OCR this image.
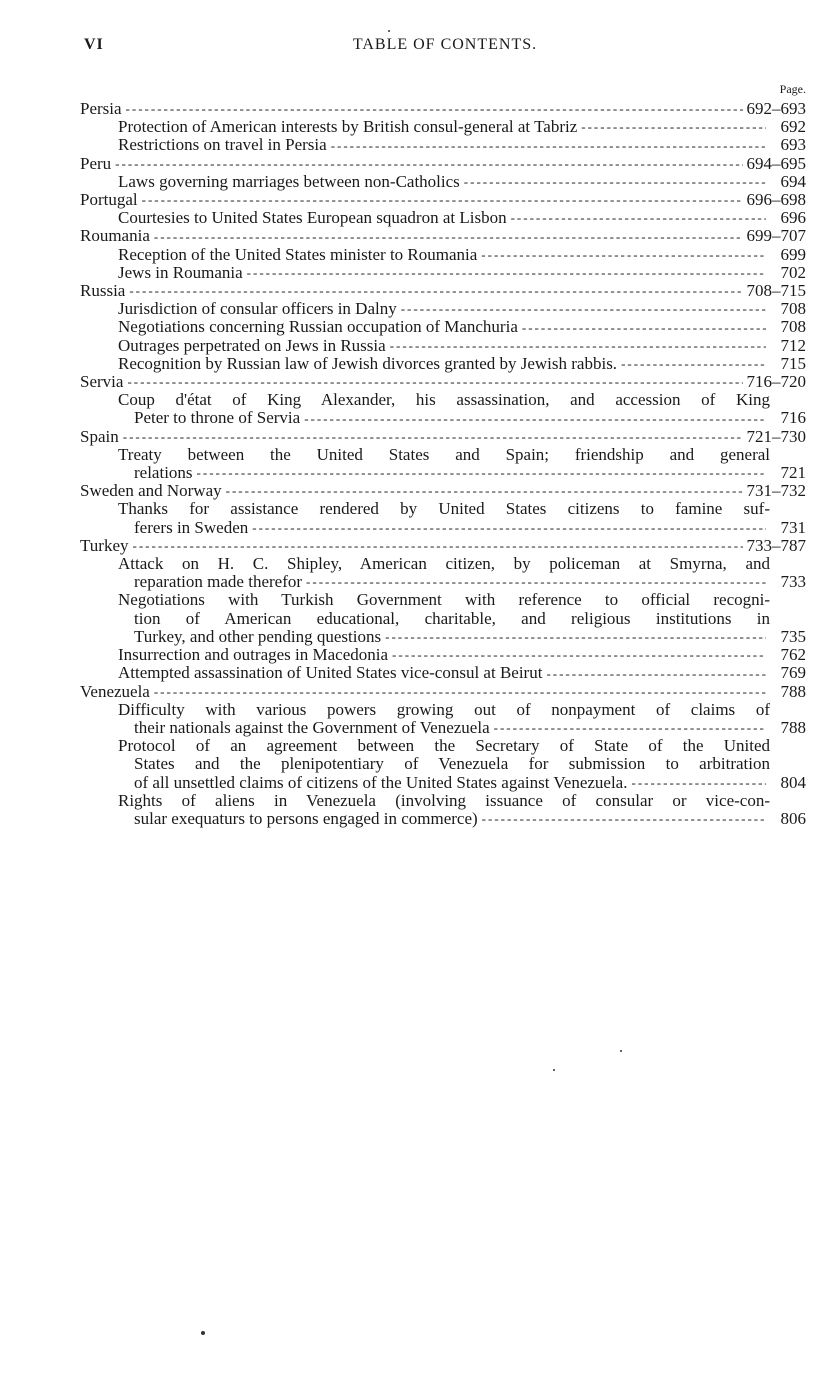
VI	TABLE OF CONTENTS.
Page.
Persia -----	692–693
Protection of American interests by British consul-general at Tabriz -----	692
Restrictions on travel in Persia -----	693
Peru -----	694–695
Laws governing marriages between non-Catholics -----	694
Portugal -----	696–698
Courtesies to United States European squadron at Lisbon -----	696
Roumania -----	699–707
Reception of the United States minister to Roumania -----	699
Jews in Roumania -----	702
Russia -----	708–715
Jurisdiction of consular officers in Dalny -----	708
Negotiations concerning Russian occupation of Manchuria -----	708
Outrages perpetrated on Jews in Russia -----	712
Recognition by Russian law of Jewish divorces granted by Jewish rabbis. -----	715
Servia -----	716–720
Coup d'état of King Alexander, his assassination, and accession of King
Peter to throne of Servia -----	716
Spain -----	721–730
Treaty between the United States and Spain; friendship and general
relations -----	721
Sweden and Norway -----	731–732
Thanks for assistance rendered by United States citizens to famine suf-
ferers in Sweden -----	731
Turkey -----	733–787
Attack on H. C. Shipley, American citizen, by policeman at Smyrna, and
reparation made therefor -----	733
Negotiations with Turkish Government with reference to official recogni-
tion of American educational, charitable, and religious institutions in
Turkey, and other pending questions -----	735
Insurrection and outrages in Macedonia -----	762
Attempted assassination of United States vice-consul at Beirut -----	769
Venezuela -----	788
Difficulty with various powers growing out of nonpayment of claims of
their nationals against the Government of Venezuela -----	788
Protocol of an agreement between the Secretary of State of the United
States and the plenipotentiary of Venezuela for submission to arbitration
of all unsettled claims of citizens of the United States against Venezuela. -----	804
Rights of aliens in Venezuela (involving issuance of consular or vice-con-
sular exequaturs to persons engaged in commerce) -----	806
